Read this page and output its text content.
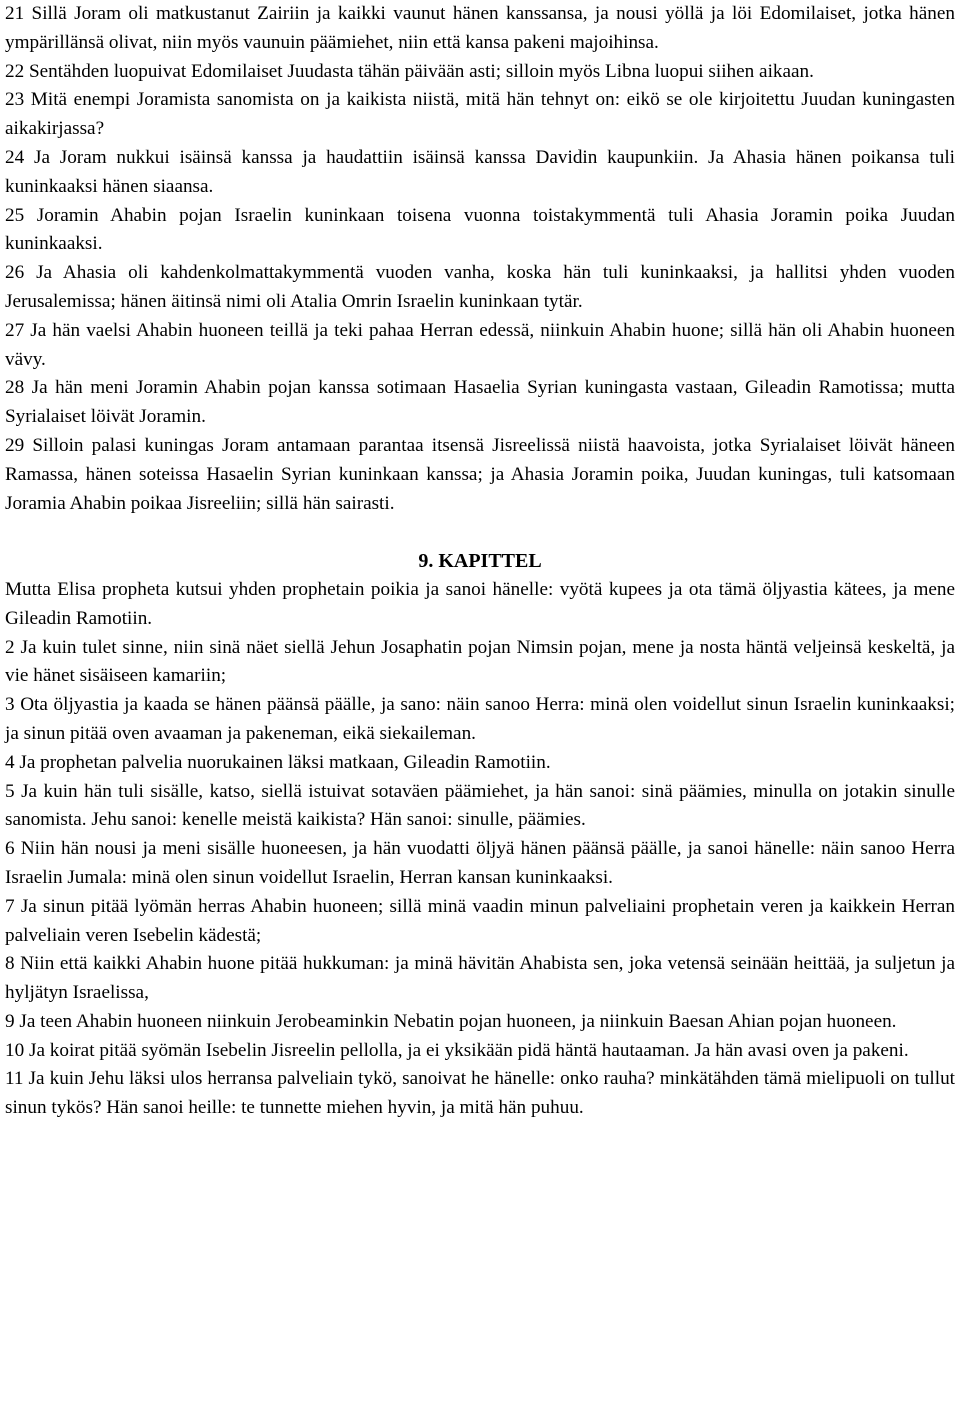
21 Sillä Joram oli matkustanut Zairiin ja kaikki vaunut hänen kanssansa, ja nousi yöllä ja löi Edomilaiset, jotka hänen ympärillänsä olivat, niin myös vaunuin päämiehet, niin että kansa pakeni majoihinsa.

22 Sentähden luopuivat Edomilaiset Juudasta tähän päivään asti; silloin myös Libna luopui siihen aikaan.

23 Mitä enempi Joramista sanomista on ja kaikista niistä, mitä hän tehnyt on: eikö se ole kirjoitettu Juudan kuningasten aikakirjassa?

24 Ja Joram nukkui isäinsä kanssa ja haudattiin isäinsä kanssa Davidin kaupunkiin. Ja Ahasia hänen poikansa tuli kuninkaaksi hänen siaansa.

25 Joramin Ahabin pojan Israelin kuninkaan toisena vuonna toistakymmentä tuli Ahasia Joramin poika Juudan kuninkaaksi.

26 Ja Ahasia oli kahdenkolmattakymmentä vuoden vanha, koska hän tuli kuninkaaksi, ja hallitsi yhden vuoden Jerusalemissa; hänen äitinsä nimi oli Atalia Omrin Israelin kuninkaan tytär.

27 Ja hän vaelsi Ahabin huoneen teillä ja teki pahaa Herran edessä, niinkuin Ahabin huone; sillä hän oli Ahabin huoneen vävy.

28 Ja hän meni Joramin Ahabin pojan kanssa sotimaan Hasaelia Syrian kuningasta vastaan, Gileadin Ramotissa; mutta Syrialaiset löivät Joramin.

29 Silloin palasi kuningas Joram antamaan parantaa itsensä Jisreelissä niistä haavoista, jotka Syrialaiset löivät häneen Ramassa, hänen soteissa Hasaelin Syrian kuninkaan kanssa; ja Ahasia Joramin poika, Juudan kuningas, tuli katsomaan Joramia Ahabin poikaa Jisreeliin; sillä hän sairasti.

9. KAPITTEL

Mutta Elisa propheta kutsui yhden prophetain poikia ja sanoi hänelle: vyötä kupees ja ota tämä öljyastia kätees, ja mene Gileadin Ramotiin.

2 Ja kuin tulet sinne, niin sinä näet siellä Jehun Josaphatin pojan Nimsin pojan, mene ja nosta häntä veljeinsä keskeltä, ja vie hänet sisäiseen kamariin;

3 Ota öljyastia ja kaada se hänen päänsä päälle, ja sano: näin sanoo Herra: minä olen voidellut sinun Israelin kuninkaaksi; ja sinun pitää oven avaaman ja pakeneman, eikä siekaileman.

4 Ja prophetan palvelia nuorukainen läksi matkaan, Gileadin Ramotiin.

5 Ja kuin hän tuli sisälle, katso, siellä istuivat sotaväen päämiehet, ja hän sanoi: sinä päämies, minulla on jotakin sinulle sanomista. Jehu sanoi: kenelle meistä kaikista? Hän sanoi: sinulle, päämies.

6 Niin hän nousi ja meni sisälle huoneesen, ja hän vuodatti öljyä hänen päänsä päälle, ja sanoi hänelle: näin sanoo Herra Israelin Jumala: minä olen sinun voidellut Israelin, Herran kansan kuninkaaksi.

7 Ja sinun pitää lyömän herras Ahabin huoneen; sillä minä vaadin minun palveliaini prophetain veren ja kaikkein Herran palveliain veren Isebelin kädestä;

8 Niin että kaikki Ahabin huone pitää hukkuman: ja minä hävitän Ahabista sen, joka vetensä seinään heittää, ja suljetun ja hyljätyn Israelissa,

9 Ja teen Ahabin huoneen niinkuin Jerobeaminkin Nebatin pojan huoneen, ja niinkuin Baesan Ahian pojan huoneen.

10 Ja koirat pitää syömän Isebelin Jisreelin pellolla, ja ei yksikään pidä häntä hautaaman. Ja hän avasi oven ja pakeni.

11 Ja kuin Jehu läksi ulos herransa palveliain tykö, sanoivat he hänelle: onko rauha? minkätähden tämä mielipuoli on tullut sinun tykös? Hän sanoi heille: te tunnette miehen hyvin, ja mitä hän puhuu.
